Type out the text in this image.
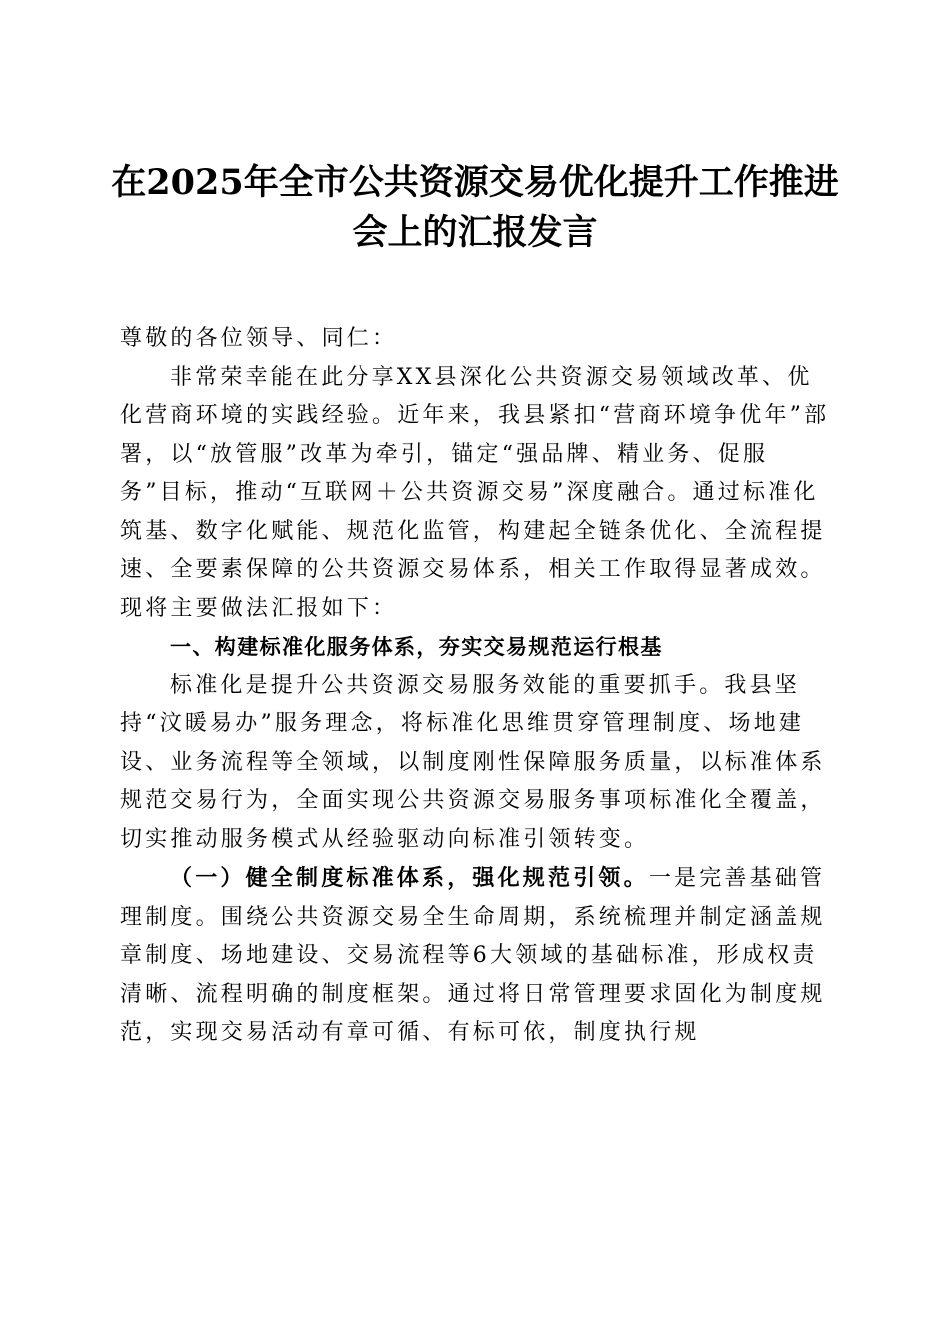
在2025年全市公共资源交易优化提升工作推进会上的汇报发言

尊敬的各位领导、同仁：

非常荣幸能在此分享XX县深化公共资源交易领域改革、优化营商环境的实践经验。近年来，我县紧扣“营商环境争优年”部署，以“放管服”改革为牵引，锚定“强品牌、精业务、促服务”目标，推动“互联网＋公共资源交易”深度融合。通过标准化筑基、数字化赋能、规范化监管，构建起全链条优化、全流程提速、全要素保障的公共资源交易体系，相关工作取得显著成效。现将主要做法汇报如下：

一、构建标准化服务体系，夯实交易规范运行根基

标准化是提升公共资源交易服务效能的重要抓手。我县坚持“汶暖易办”服务理念，将标准化思维贯穿管理制度、场地建设、业务流程等全领域，以制度刚性保障服务质量，以标准体系规范交易行为，全面实现公共资源交易服务事项标准化全覆盖，切实推动服务模式从经验驱动向标准引领转变。

（一）健全制度标准体系，强化规范引领。一是完善基础管理制度。围绕公共资源交易全生命周期，系统梳理并制定涵盖规章制度、场地建设、交易流程等6大领域的基础标准，形成权责清晰、流程明确的制度框架。通过将日常管理要求固化为制度规范，实现交易活动有章可循、有标可依，制度执行规
